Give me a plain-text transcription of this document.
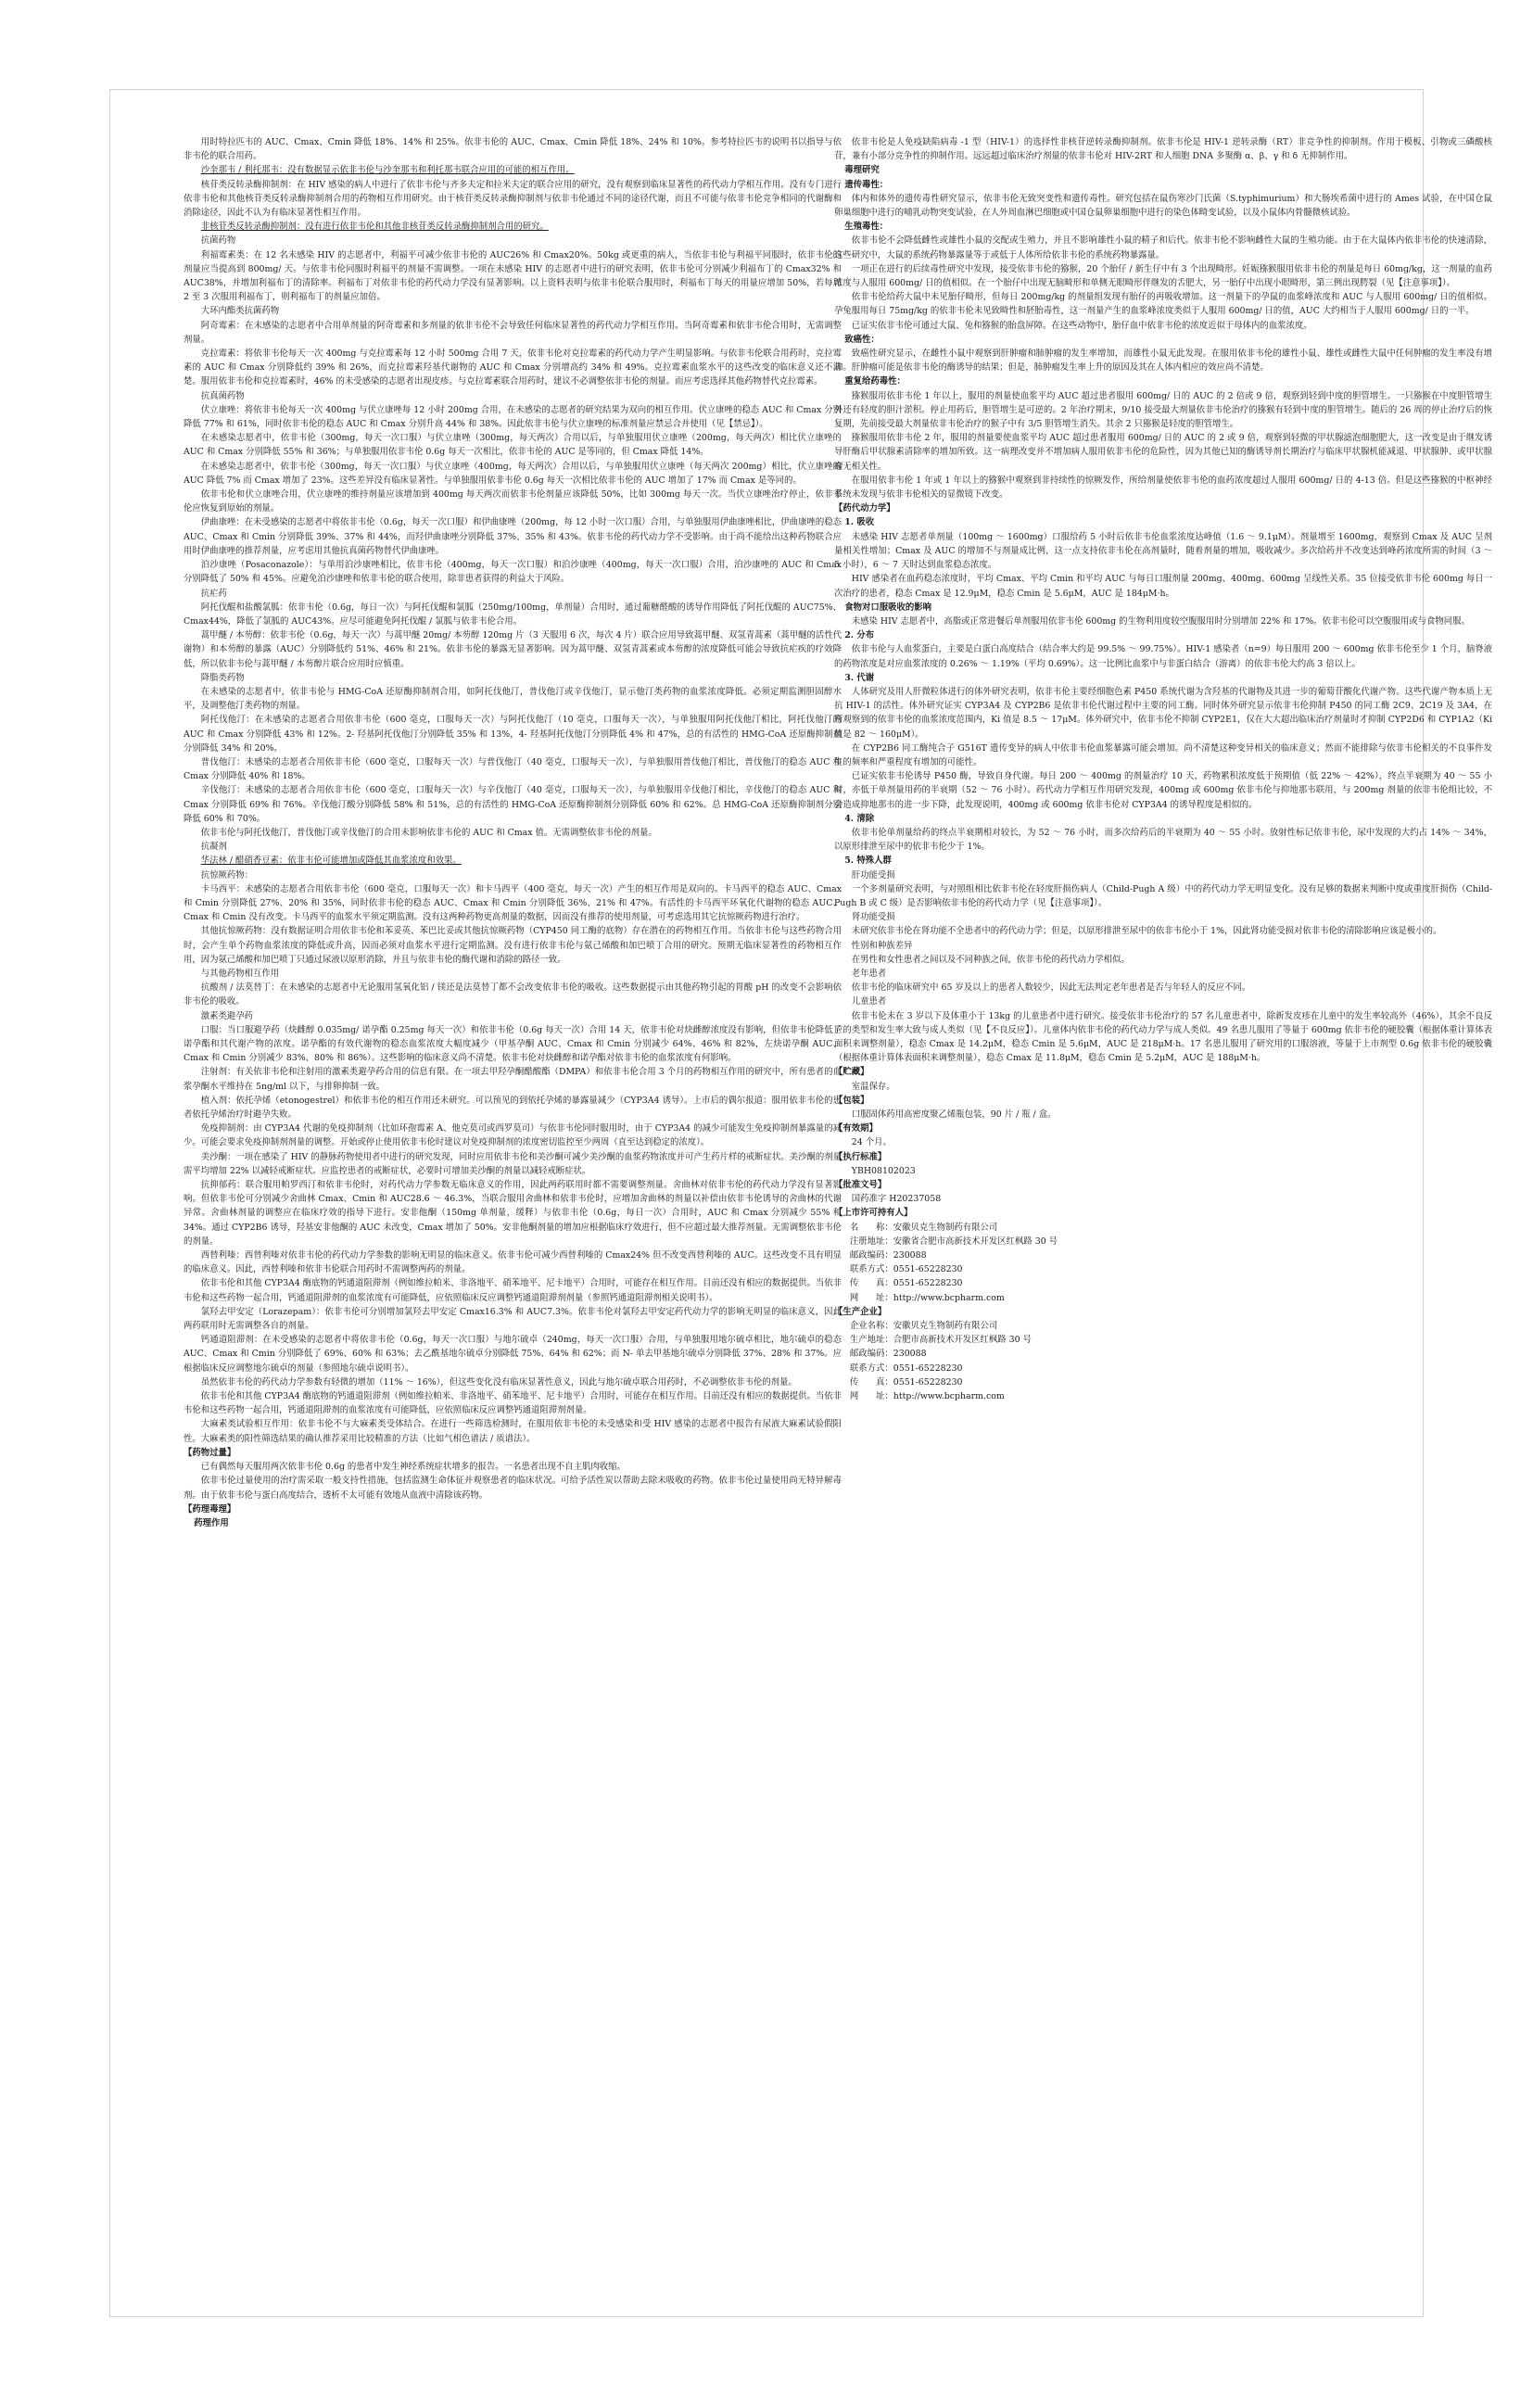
用时特拉匹韦的 AUC、Cmax、Cmin 降低 18%、14% 和 25%。依非韦伦的 AUC、Cmax、Cmin 降低 18%、24% 和 10%。参考特拉匹韦的说明书以指导与依非韦伦的联合用药。
沙奎那韦 / 利托那韦：没有数据显示依非韦伦与沙奎那韦和利托那韦联合应用的可能的相互作用。
核苷类反转录酶抑制剂：在 HIV 感染的病人中进行了依非韦伦与齐多夫定和拉米夫定的联合应用的研究，没有观察到临床显著性的药代动力学相互作用。没有专门进行依非韦伦和其他核苷类反转录酶抑制剂合用的药物相互作用研究。由于核苷类反转录酶抑制剂与依非韦伦通过不同的途径代谢，而且不可能与依非韦伦竞争相同的代谢酶和消除途径，因此不认为有临床显著性相互作用。
非核苷类反转录酶抑制剂：没有进行依非韦伦和其他非核苷类反转录酶抑制剂合用的研究。
抗菌药物
利福霉素类：在 12 名未感染 HIV 的志愿者中，利福平可减少依非韦伦的 AUC26% 和 Cmax20%。50kg 或更重的病人，当依非韦伦与利福平同服时，依非韦伦的剂量应当提高到 800mg/ 天。与依非韦伦同服时利福平的剂量不需调整。一项在未感染 HIV 的志愿者中进行的研究表明，依非韦伦可分别减少利福布丁的 Cmax32% 和 AUC38%，并增加利福布丁的清除率。利福布丁对依非韦伦的药代动力学没有显著影响。以上资料表明与依非韦伦联合服用时，利福布丁每天的用量应增加 50%，若每周 2 至 3 次服用利福布丁，则利福布丁的剂量应加倍。
大环内酯类抗菌药物
阿奇霉素：在未感染的志愿者中合用单剂量的阿奇霉素和多剂量的依非韦伦不会导致任何临床显著性的药代动力学相互作用。当阿奇霉素和依非韦伦合用时，无需调整剂量。
克拉霉素：将依非韦伦每天一次 400mg 与克拉霉素每 12 小时 500mg 合用 7 天，依非韦伦对克拉霉素的药代动力学产生明显影响。与依非韦伦联合用药时，克拉霉素的 AUC 和 Cmax 分别降低约 39% 和 26%，而克拉霉素羟基代谢物的 AUC 和 Cmax 分别增高约 34% 和 49%。克拉霉素血浆水平的这些改变的临床意义还不清楚。服用依非韦伦和克拉霉素时，46% 的未受感染的志愿者出现皮疹。与克拉霉素联合用药时，建议不必调整依非韦伦的剂量。而应考虑选择其他药物替代克拉霉素。
抗真菌药物
伏立康唑：将依非韦伦每天一次 400mg 与伏立康唑每 12 小时 200mg 合用，在未感染的志愿者的研究结果为双向的相互作用。伏立康唑的稳态 AUC 和 Cmax 分别降低 77% 和 61%，同时依非韦伦的稳态 AUC 和 Cmax 分别升高 44% 和 38%。因此依非韦伦与伏立康唑的标准剂量应禁忌合并使用（见【禁忌】）。
在未感染志愿者中，依非韦伦（300mg，每天一次口服）与伏立康唑（300mg，每天两次）合用以后，与单独服用伏立康唑（200mg，每天两次）相比伏立康唑的 AUC 和 Cmax 分别降低 55% 和 36%；与单独服用依非韦伦 0.6g 每天一次相比，依非韦伦的 AUC 是等同的，但 Cmax 降低 14%。
在未感染志愿者中，依非韦伦（300mg，每天一次口服）与伏立康唑（400mg，每天两次）合用以后，与单独服用伏立康唑（每天两次 200mg）相比，伏立康唑的 AUC 降低 7% 而 Cmax 增加了 23%。这些差异没有临床显著性。与单独服用依非韦伦 0.6g 每天一次相比依非韦伦的 AUC 增加了 17% 而 Cmax 是等同的。
依非韦伦和伏立康唑合用，伏立康唑的维持剂量应该增加到 400mg 每天两次而依非韦伦剂量应该降低 50%，比如 300mg 每天一次。当伏立康唑治疗停止，依非韦伦应恢复到原始的剂量。
伊曲康唑：在未受感染的志愿者中将依非韦伦（0.6g，每天一次口服）和伊曲康唑（200mg，每 12 小时一次口服）合用，与单独服用伊曲康唑相比，伊曲康唑的稳态 AUC、Cmax 和 Cmin 分别降低 39%、37% 和 44%，而羟伊曲康唑分别降低 37%、35% 和 43%。依非韦伦的药代动力学不受影响。由于尚不能给出这种药物联合应用时伊曲康唑的推荐剂量，应考虑用其他抗真菌药物替代伊曲康唑。
泊沙康唑（Posaconazole）：与单用泊沙康唑相比，依非韦伦（400mg，每天一次口服）和泊沙康唑（400mg，每天一次口服）合用，泊沙康唑的 AUC 和 Cmax 分别降低了 50% 和 45%。应避免泊沙康唑和依非韦伦的联合使用，除非患者获得的利益大于风险。
抗疟药
阿托伐醌和盐酸氯胍：依非韦伦（0.6g，每日一次）与阿托伐醌和氯胍（250mg/100mg，单剂量）合用时，通过葡糖醛酸的诱导作用降低了阿托伐醌的 AUC75%、Cmax44%，降低了氯胍的 AUC43%。应尽可能避免阿托伐醌 / 氯胍与依非韦伦合用。
蒿甲醚 / 本芴醇：依非韦伦（0.6g，每天一次）与蒿甲醚 20mg/ 本芴醇 120mg 片（3 天服用 6 次，每次 4 片）联合应用导致蒿甲醚、双氢青蒿素（蒿甲醚的活性代谢物）和本芴醇的暴露（AUC）分别降低约 51%、46% 和 21%。依非韦伦的暴露无显著影响。因为蒿甲醚、双氢青蒿素或本芴醇的浓度降低可能会导致抗疟疾的疗效降低，所以依非韦伦与蒿甲醚 / 本芴醇片联合应用时应慎重。
降脂类药物
在未感染的志愿者中，依非韦伦与 HMG-CoA 还原酶抑制剂合用，如阿托伐他汀，普伐他汀或辛伐他汀，显示他汀类药物的血浆浓度降低。必须定期监测胆固醇水平，及调整他汀类药物的剂量。
阿托伐他汀：在未感染的志愿者合用依非韦伦（600 毫克，口服每天一次）与阿托伐他汀（10 毫克，口服每天一次），与单独服用阿托伐他汀相比，阿托伐他汀的 AUC 和 Cmax 分别降低 43% 和 12%。2- 羟基阿托伐他汀分别降低 35% 和 13%，4- 羟基阿托伐他汀分别降低 4% 和 47%，总的有活性的 HMG-CoA 还原酶抑制剂分别降低 34% 和 20%。
普伐他汀：未感染的志愿者合用依非韦伦（600 毫克，口服每天一次）与普伐他汀（40 毫克，口服每天一次），与单独服用普伐他汀相比，普伐他汀的稳态 AUC 和 Cmax 分别降低 40% 和 18%。
辛伐他汀：未感染的志愿者合用依非韦伦（600 毫克，口服每天一次）与辛伐他汀（40 毫克，口服每天一次），与单独服用辛伐他汀相比，辛伐他汀的稳态 AUC 和 Cmax 分别降低 69% 和 76%。辛伐他汀酸分别降低 58% 和 51%，总的有活性的 HMG-CoA 还原酶抑制剂分别降低 60% 和 62%。总 HMG-CoA 还原酶抑制剂分别降低 60% 和 70%。
依非韦伦与阿托伐他汀，普伐他汀或辛伐他汀的合用未影响依非韦伦的 AUC 和 Cmax 值。无需调整依非韦伦的剂量。
抗凝剂
华法林 / 醋硝香豆素：依非韦伦可能增加或降低其血浆浓度和效果。
抗惊厥药物：
卡马西平：未感染的志愿者合用依非韦伦（600 毫克，口服每天一次）和卡马西平（400 毫克，每天一次）产生的相互作用是双向的。卡马西平的稳态 AUC、Cmax 和 Cmin 分别降低 27%、20% 和 35%，同时依非韦伦的稳态 AUC、Cmax 和 Cmin 分别降低 36%、21% 和 47%。有活性的卡马西平环氧化代谢物的稳态 AUC、Cmax 和 Cmin 没有改变。卡马西平的血浆水平须定期监测。没有这两种药物更高剂量的数据，因而没有推荐的使用剂量，可考虑选用其它抗惊厥药物进行治疗。
其他抗惊厥药物：没有数据证明合用依非韦伦和苯妥英、苯巴比妥或其他抗惊厥药物（CYP450 同工酶的底物）存在潜在的药物相互作用。当依非韦伦与这些药物合用时，会产生单个药物血浆浓度的降低或升高，因而必须对血浆水平进行定期监测。没有进行依非韦伦与氨己烯酸和加巴喷丁合用的研究。预期无临床显著性的药物相互作用，因为氨己烯酸和加巴喷丁只通过尿液以原形消除，并且与依非韦伦的酶代谢和消除的路径一致。
与其他药物相互作用
抗酸剂 / 法莫替丁：在未感染的志愿者中无论服用氢氧化铝 / 镁还是法莫替丁都不会改变依非韦伦的吸收。这些数据提示由其他药物引起的胃酸 pH 的改变不会影响依非韦伦的吸收。
激素类避孕药
口服：当口服避孕药（炔雌醇 0.035mg/ 诺孕酯 0.25mg 每天一次）和依非韦伦（0.6g 每天一次）合用 14 天，依非韦伦对炔雌醇浓度没有影响，但依非韦伦降低了诺孕酯和其代谢产物的浓度。诺孕酯的有效代谢物的稳态血浆浓度大幅度减少（甲基孕酮 AUC、Cmax 和 Cmin 分别减少 64%、46% 和 82%，左炔诺孕酮 AUC、Cmax 和 Cmin 分别减少 83%、80% 和 86%）。这些影响的临床意义尚不清楚。依非韦伦对炔雌醇和诺孕酯对依非韦伦的血浆浓度有何影响。
注射剂：有关依非韦伦和注射用的激素类避孕药合用的信息有限。在一项去甲羟孕酮醋酸酯（DMPA）和依非韦伦合用 3 个月的药物相互作用的研究中，所有患者的血浆孕酮水平维持在 5ng/ml 以下，与排卵抑制一致。
植入剂：依托孕烯（etonogestrel）和依非韦伦的相互作用还未研究。可以预见的到依托孕烯的暴露量减少（CYP3A4 诱导）。上市后的偶尔报道：服用依非韦伦的患者依托孕烯治疗时避孕失败。
免疫抑制剂：由 CYP3A4 代谢的免疫抑制剂（比如环孢霉素 A、他克莫司或西罗莫司）与依非韦伦同时服用时，由于 CYP3A4 的减少可能发生免疫抑制剂暴露量的减少。可能会要求免疫抑制剂剂量的调整。开始或停止使用依非韦伦时建议对免疫抑制剂的浓度密切监控至少两周（直至达到稳定的浓度）。
美沙酮：一项在感染了 HIV 的静脉药物使用者中进行的研究发现，同时应用依非韦伦和美沙酮可减少美沙酮的血浆药物浓度并可产生药片样的戒断症状。美沙酮的剂量需平均增加 22% 以减轻戒断症状。应监控患者的戒断症状，必要时可增加美沙酮的剂量以减轻戒断症状。
抗抑郁药：联合服用帕罗西汀和依非韦伦时，对药代动力学参数无临床意义的作用，因此两药联用时都不需要调整剂量。舍曲林对依非韦伦的药代动力学没有显著影响。但依非韦伦可分别减少舍曲林 Cmax、Cmin 和 AUC28.6 ～ 46.3%，当联合服用舍曲林和依非韦伦时，应增加舍曲林的剂量以补偿由依非韦伦诱导的舍曲林的代谢异常。舍曲林剂量的调整应在临床疗效的指导下进行。安非他酮（150mg 单剂量，缓释）与依非韦伦（0.6g，每日一次）合用时，AUC 和 Cmax 分别减少 55% 和 34%。通过 CYP2B6 诱导，羟基安非他酮的 AUC 未改变，Cmax 增加了 50%。安非他酮剂量的增加应根据临床疗效进行，但不应超过最大推荐剂量。无需调整依非韦伦的剂量。
西替利嗪：西替利嗪对依非韦伦的药代动力学参数的影响无明显的临床意义。依非韦伦可减少西替利嗪的 Cmax24% 但不改变西替利嗪的 AUC。这些改变不具有明显的临床意义。因此，西替利嗪和依非韦伦联合用药时不需调整两药的剂量。
依非韦伦和其他 CYP3A4 酶底物的钙通道阻滞剂（例如维拉帕米、非洛地平、硝苯地平、尼卡地平）合用时，可能存在相互作用。目前还没有相应的数据提供。当依非韦伦和这些药物一起合用，钙通道阻滞剂的血浆浓度有可能降低，应依照临床反应调整钙通道阻滞剂剂量（参照钙通道阻滞剂相关说明书）。
氯羟去甲安定（Lorazepam）：依非韦伦可分别增加氯羟去甲安定 Cmax16.3% 和 AUC7.3%。依非韦伦对氯羟去甲安定药代动力学的影响无明显的临床意义，因此两药联用时无需调整各自的剂量。
钙通道阻滞剂：在未受感染的志愿者中将依非韦伦（0.6g，每天一次口服）与地尔硫卓（240mg，每天一次口服）合用，与单独服用地尔硫卓相比，地尔硫卓的稳态 AUC、Cmax 和 Cmin 分别降低了 69%、60% 和 63%；去乙酰基地尔硫卓分别降低 75%、64% 和 62%；而 N- 单去甲基地尔硫卓分别降低 37%、28% 和 37%。应根据临床反应调整地尔硫卓的剂量（参照地尔硫卓说明书）。
虽然依非韦伦的药代动力学参数有轻微的增加（11% ～ 16%），但这些变化没有临床显著性意义，因此与地尔硫卓联合用药时，不必调整依非韦伦的剂量。
依非韦伦和其他 CYP3A4 酶底物的钙通道阻滞剂（例如维拉帕米、非洛地平、硝苯地平、尼卡地平）合用时，可能存在相互作用。目前还没有相应的数据提供。当依非韦伦和这些药物一起合用，钙通道阻滞剂的血浆浓度有可能降低，应依照临床反应调整钙通道阻滞剂剂量。
大麻素类试验相互作用：依非韦伦不与大麻素类受体结合。在进行一些筛选检测时，在服用依非韦伦的未受感染和受 HIV 感染的志愿者中报告有尿液大麻素试验假阳性。大麻素类的阳性筛选结果的确认推荐采用比较精准的方法（比如气相色谱法 / 质谱法）。
【药物过量】
已有偶然每天服用两次依非韦伦 0.6g 的患者中发生神经系统症状增多的报告。一名患者出现不自主肌肉收缩。
依非韦伦过量使用的治疗需采取一般支持性措施，包括监测生命体征并观察患者的临床状况。可给予活性炭以帮助去除未吸收的药物。依非韦伦过量使用尚无特异解毒剂。由于依非韦伦与蛋白高度结合，透析不太可能有效地从血液中清除该药物。
【药理毒理】
药理作用
依非韦伦是人免疫缺陷病毒 -1 型（HIV-1）的选择性非核苷逆转录酶抑制剂。依非韦伦是 HIV-1 逆转录酶（RT）非竞争性的抑制剂。作用于模板、引物或三磷酸核苷，兼有小部分竞争性的抑制作用。远远超过临床治疗剂量的依非韦伦对 HIV-2RT 和人细胞 DNA 多聚酶 α、β、γ 和 δ 无抑制作用。
毒理研究
遗传毒性：
体内和体外的遗传毒性研究显示，依非韦伦无致突变性和遗传毒性。研究包括在鼠伤寒沙门氏菌（S.typhimurium）和大肠埃希菌中进行的 Ames 试验，在中国仓鼠卵巢细胞中进行的哺乳动物突变试验，在人外周血淋巴细胞或中国仓鼠卵巢细胞中进行的染色体畸变试验，以及小鼠体内骨髓微核试验。
生殖毒性：
依非韦伦不会降低雌性或雄性小鼠的交配或生殖力，并且不影响雄性小鼠的精子和后代。依非韦伦不影响雌性大鼠的生殖功能。由于在大鼠体内依非韦伦的快速清除，这些研究中，大鼠的系统药物暴露量等于或低于人体所给依非韦伦的系统药物暴露量。
一项正在进行的后续毒性研究中发现，接受依非韦伦的猕猴，20 个胎仔 / 新生仔中有 3 个出现畸形。妊娠猕猴服用依非韦伦的剂量是每日 60mg/kg，这一剂量的血药浓度与人服用 600mg/ 日的值相似。在一个胎仔中出现无脑畸形和单侧无眼畸形伴继发的舌肥大，另一胎仔中出现小眼畸形，第三例出现腭裂（见【注意事项】）。
依非韦伦给药大鼠中未见胎仔畸形，但每日 200mg/kg 的剂量组发现有胎仔的再吸收增加。这一剂量下的孕鼠的血浆峰浓度和 AUC 与人服用 600mg/ 日的值相似。孕兔服用每日 75mg/kg 的依非韦伦未见致畸性和胚胎毒性，这一剂量产生的血浆峰浓度类似于人服用 600mg/ 日的值，AUC 大约相当于人服用 600mg/ 日的一半。
已证实依非韦伦可通过大鼠、兔和猕猴的胎盘屏障。在这些动物中，胎仔血中依非韦伦的浓度近似于母体内的血浆浓度。
致癌性：
致癌性研究显示，在雌性小鼠中观察到肝肿瘤和肺肿瘤的发生率增加，而雄性小鼠无此发现。在服用依非韦伦的雄性小鼠、雄性或雌性大鼠中任何肿瘤的发生率没有增加。肝肿瘤可能是依非韦伦的酶诱导的结果；但是，肺肿瘤发生率上升的原因及其在人体内相应的效应尚不清楚。
重复给药毒性：
猕猴服用依非韦伦 1 年以上，服用的剂量使血浆平均 AUC 超过患者服用 600mg/ 日的 AUC 的 2 倍或 9 倍，观察到轻到中度的胆管增生。一只猕猴在中度胆管增生外还有轻度的胆汁淤积。停止用药后，胆管增生是可逆的。2 年治疗期末，9/10 接受最大剂量依非韦伦治疗的猕猴有轻到中度的胆管增生。随后的 26 周的停止治疗后的恢复期，先前接受最大剂量依非韦伦治疗的猴子中有 3/5 胆管增生消失。其余 2 只猕猴是轻度的胆管增生。
猕猴服用依非韦伦 2 年，服用的剂量要使血浆平均 AUC 超过患者服用 600mg/ 日的 AUC 的 2 或 9 倍，观察到轻微的甲状腺滤泡细胞肥大，这一改变是由于继发诱导肝酶后甲状腺素清除率的增加所致。这一病理改变并不增加病人服用依非韦伦的危险性，因为其他已知的酶诱导剂长期治疗与临床甲状腺机能减退、甲状腺肿、或甲状腺瘤无相关性。
在服用依非韦伦 1 年或 1 年以上的猕猴中观察到非持续性的惊厥发作，所给剂量使依非韦伦的血药浓度超过人服用 600mg/ 日的 4-13 倍。但是这些猕猴的中枢神经系统未发现与依非韦伦相关的显微镜下改变。
【药代动力学】
1. 吸收
未感染 HIV 志愿者单剂量（100mg ～ 1600mg）口服给药 5 小时后依非韦伦血浆浓度达峰值（1.6 ～ 9.1μM）。剂量增至 1600mg，观察到 Cmax 及 AUC 呈剂量相关性增加；Cmax 及 AUC 的增加不与剂量成比例，这一点支持依非韦伦在高剂量时，随着剂量的增加，吸收减少。多次给药并不改变达到峰药浓度所需的时间（3 ～ 5 小时），6 ～ 7 天时达到血浆稳态浓度。
HIV 感染者在血药稳态浓度时，平均 Cmax、平均 Cmin 和平均 AUC 与每日口服剂量 200mg、400mg、600mg 呈线性关系。35 位接受依非韦伦 600mg 每日一次治疗的患者，稳态 Cmax 是 12.9μM，稳态 Cmin 是 5.6μM，AUC 是 184μM·h。
食物对口服吸收的影响
未感染 HIV 志愿者中，高脂或正常进餐后单剂服用依非韦伦 600mg 的生物利用度较空腹服用时分别增加 22% 和 17%。依非韦伦可以空腹服用或与食物同服。
2. 分布
依非韦伦与人血浆蛋白，主要是白蛋白高度结合（结合率大约是 99.5% ～ 99.75%）。HIV-1 感染者（n=9）每日服用 200 ～ 600mg 依非韦伦至少 1 个月，脑脊液的药物浓度是对应血浆浓度的 0.26% ～ 1.19%（平均 0.69%）。这一比例比血浆中与非蛋白结合（游离）的依非韦伦大约高 3 倍以上。
3. 代谢
人体研究及用人肝微粒体进行的体外研究表明，依非韦伦主要经细胞色素 P450 系统代谢为含羟基的代谢物及其进一步的葡萄苷酸化代谢产物。这些代谢产物本质上无抗 HIV-1 的活性。体外研究证实 CYP3A4 及 CYP2B6 是依非韦伦代谢过程中主要的同工酶。同时体外研究显示依非韦伦抑制 P450 的同工酶 2C9、2C19 及 3A4，在所观察到的依非韦伦的血浆浓度范围内，Ki 值是 8.5 ～ 17μM。体外研究中，依非韦伦不抑制 CYP2E1，仅在大大超出临床治疗剂量时才抑制 CYP2D6 和 CYP1A2（Ki 值是 82 ～ 160μM）。
在 CYP2B6 同工酶纯合子 G516T 遗传变异的病人中依非韦伦血浆暴露可能会增加。尚不清楚这种变异相关的临床意义；然而不能排除与依非韦伦相关的不良事件发生的频率和严重程度有增加的可能性。
已证实依非韦伦诱导 P450 酶，导致自身代谢。每日 200 ～ 400mg 的剂量治疗 10 天，药物累积浓度低于预期值（低 22% ～ 42%），终点半衰期为 40 ～ 55 小时，亦低于单剂量用药的半衰期（52 ～ 76 小时）。药代动力学相互作用研究发现，400mg 或 600mg 依非韦伦与抑地那韦联用，与 200mg 剂量的依非韦伦组比较，不会造成抑地那韦的进一步下降，此发现说明，400mg 或 600mg 依非韦伦对 CYP3A4 的诱导程度是相似的。
4. 清除
依非韦伦单剂量给药的终点半衰期相对较长，为 52 ～ 76 小时，而多次给药后的半衰期为 40 ～ 55 小时。放射性标记依非韦伦，尿中发现的大约占 14% ～ 34%，以原形排泄至尿中的依非韦伦少于 1%。
5. 特殊人群
肝功能受损
一个多剂量研究表明，与对照组相比依非韦伦在轻度肝损伤病人（Child-Pugh A 级）中的药代动力学无明显变化。没有足够的数据来判断中度或重度肝损伤（Child-Pugh B 或 C 级）是否影响依非韦伦的药代动力学（见【注意事项】）。
肾功能受损
未研究依非韦伦在肾功能不全患者中的药代动力学；但是，以原形排泄至尿中的依非韦伦小于 1%，因此肾功能受损对依非韦伦的清除影响应该是极小的。
性别和种族差异
在男性和女性患者之间以及不同种族之间，依非韦伦的药代动力学相似。
老年患者
依非韦伦的临床研究中 65 岁及以上的患者人数较少，因此无法判定老年患者是否与年轻人的反应不同。
儿童患者
依非韦伦未在 3 岁以下及体重小于 13kg 的儿童患者中进行研究。接受依非韦伦治疗的 57 名儿童患者中，除新发皮疹在儿童中的发生率较高外（46%），其余不良反应的类型和发生率大致与成人类似（见【不良反应】）。儿童体内依非韦伦的药代动力学与成人类似。49 名患儿服用了等量于 600mg 依非韦伦的硬胶囊（根据体重计算体表面积来调整剂量），稳态 Cmax 是 14.2μM，稳态 Cmin 是 5.6μM，AUC 是 218μM·h。17 名患儿服用了研究用的口服溶液，等量于上市剂型 0.6g 依非韦伦的硬胶囊（根据体重计算体表面积来调整剂量），稳态 Cmax 是 11.8μM，稳态 Cmin 是 5.2μM，AUC 是 188μM·h。
【贮藏】
室温保存。
【包装】
口服固体药用高密度聚乙烯瓶包装，90 片 / 瓶 / 盒。
【有效期】
24 个月。
【执行标准】
YBH08102023
【批准文号】
国药准字 H20237058
【上市许可持有人】
名　　称：安徽贝克生物制药有限公司
注册地址：安徽省合肥市高新技术开发区红枫路 30 号
邮政编码：230088
联系方式：0551-65228230
传　　真：0551-65228230
网　　址：http://www.bcpharm.com
【生产企业】
企业名称：安徽贝克生物制药有限公司
生产地址：合肥市高新技术开发区红枫路 30 号
邮政编码：230088
联系方式：0551-65228230
传　　真：0551-65228230
网　　址：http://www.bcpharm.com
